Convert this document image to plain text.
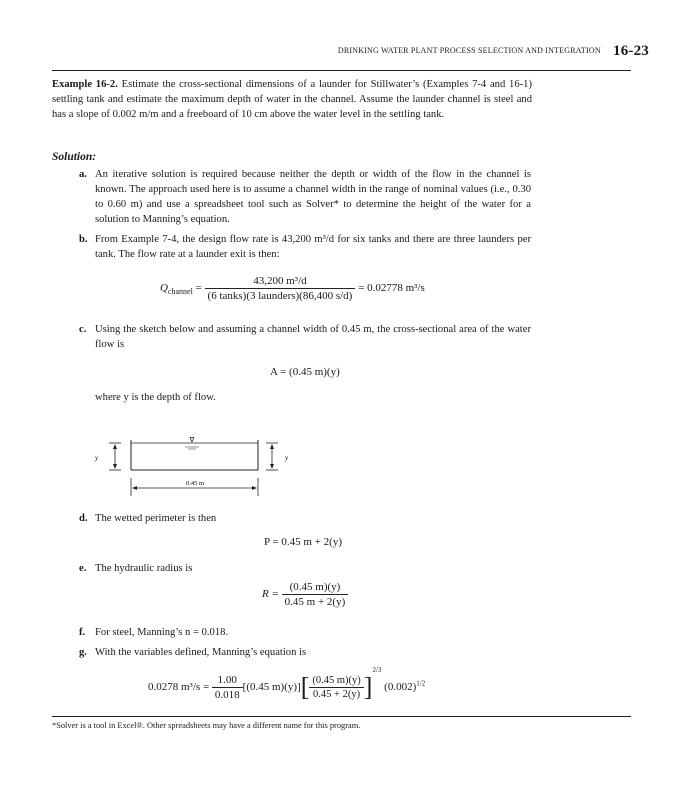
DRINKING WATER PLANT PROCESS SELECTION AND INTEGRATION 16-23
Example 16-2. Estimate the cross-sectional dimensions of a launder for Stillwater’s (Examples 7-4 and 16-1) settling tank and estimate the maximum depth of water in the channel. Assume the launder channel is steel and has a slope of 0.002 m/m and a freeboard of 10 cm above the water level in the settling tank.
Solution:
a. An iterative solution is required because neither the depth or width of the flow in the channel is known. The approach used here is to assume a channel width in the range of nominal values (i.e., 0.30 to 0.60 m) and use a spreadsheet tool such as Solver* to determine the height of the water for a solution to Manning’s equation.
b. From Example 7-4, the design flow rate is 43,200 m³/d for six tanks and there are three launders per tank. The flow rate at a launder exit is then:
$Q_{channel} = \frac{\text{43,200 m³/d}}{\text{(6 tanks)(3 launders)(86,400 s/d)}} = 0.02778$ m³/s
c. Using the sketch below and assuming a channel width of 0.45 m, the cross-sectional area of the water flow is
A = (0.45 m)(y)
where y is the depth of flow.
∇
y	y
0.45 m
d. The wetted perimeter is then
P = 0.45 m + 2(y)
e. The hydraulic radius is
$R = \frac{(0.45 m)(y)}{0.45 m + 2(y)}$
f. For steel, Manning’s n = 0.018.
g. With the variables defined, Manning’s equation is
0.0278 $m^3/s = \frac{1.00}{0.018} [(0.45$ $m)(y)][ \frac{(0.45 m)(y)}{0.45 + 2(y)} ]^{2/3}$ $(0.002)^{1/2}$
*Solver is a tool in Excel®. Other spreadsheets may have a different name for this program.
